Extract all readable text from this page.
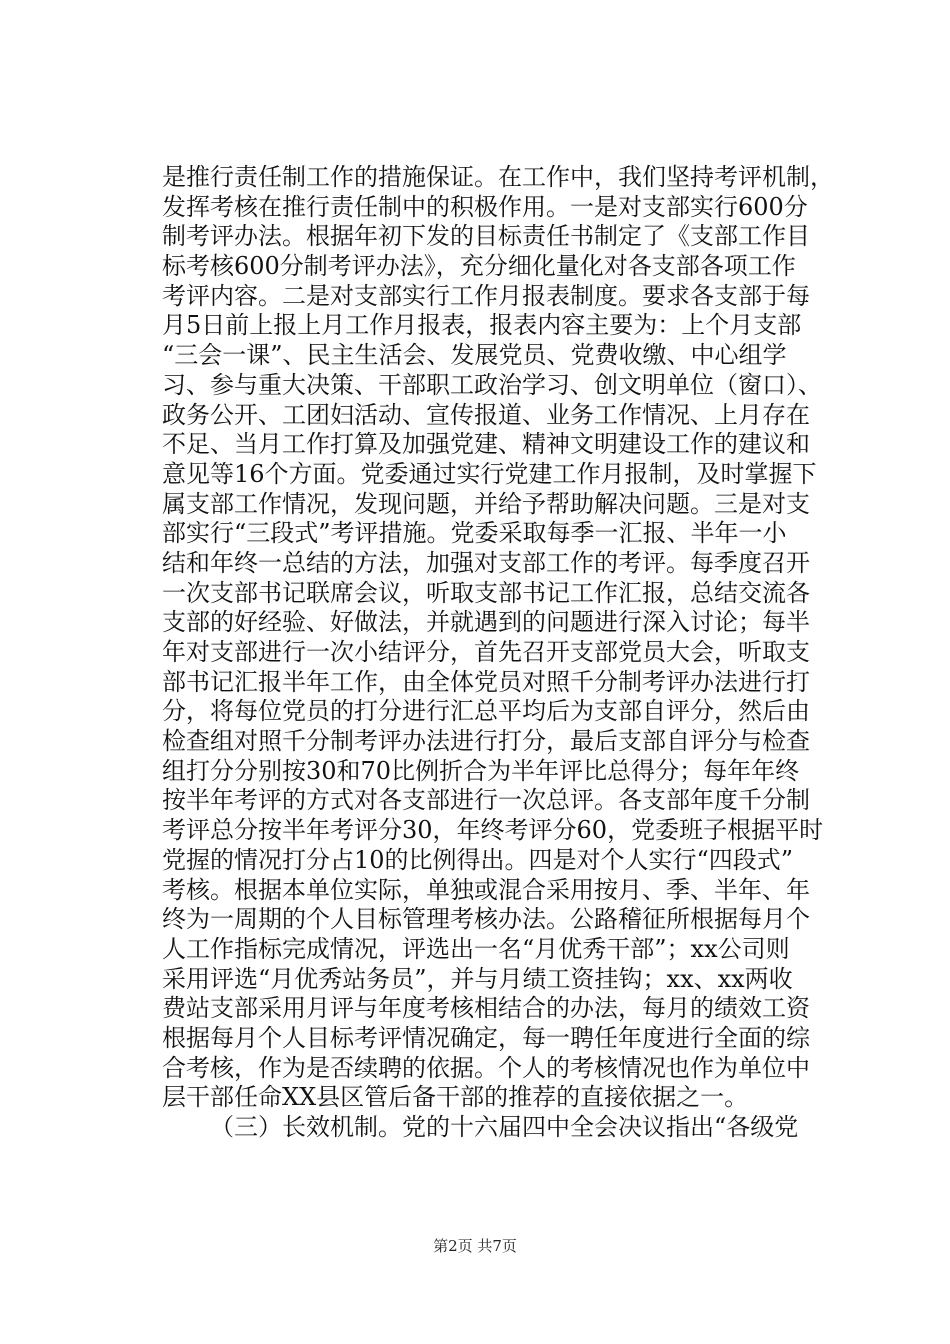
是推行责任制工作的措施保证。在工作中，我们坚持考评机制，
发挥考核在推行责任制中的积极作用。一是对支部实行600分
制考评办法。根据年初下发的目标责任书制定了《支部工作目
标考核600分制考评办法》，充分细化量化对各支部各项工作
考评内容。二是对支部实行工作月报表制度。要求各支部于每
月5日前上报上月工作月报表，报表内容主要为：上个月支部
“三会一课”、民主生活会、发展党员、党费收缴、中心组学
习、参与重大决策、干部职工政治学习、创文明单位（窗口）、
政务公开、工团妇活动、宣传报道、业务工作情况、上月存在
不足、当月工作打算及加强党建、精神文明建设工作的建议和
意见等16个方面。党委通过实行党建工作月报制，及时掌握下
属支部工作情况，发现问题，并给予帮助解决问题。三是对支
部实行“三段式”考评措施。党委采取每季一汇报、半年一小
结和年终一总结的方法，加强对支部工作的考评。每季度召开
一次支部书记联席会议，听取支部书记工作汇报，总结交流各
支部的好经验、好做法，并就遇到的问题进行深入讨论；每半
年对支部进行一次小结评分，首先召开支部党员大会，听取支
部书记汇报半年工作，由全体党员对照千分制考评办法进行打
分，将每位党员的打分进行汇总平均后为支部自评分，然后由
检查组对照千分制考评办法进行打分，最后支部自评分与检查
组打分分别按30和70比例折合为半年评比总得分；每年年终
按半年考评的方式对各支部进行一次总评。各支部年度千分制
考评总分按半年考评分30，年终考评分60，党委班子根据平时
党握的情况打分占10的比例得出。四是对个人实行“四段式”
考核。根据本单位实际，单独或混合采用按月、季、半年、年
终为一周期的个人目标管理考核办法。公路稽征所根据每月个
人工作指标完成情况，评选出一名“月优秀干部”；xx公司则
采用评选“月优秀站务员”，并与月绩工资挂钩；xx、xx两收
费站支部采用月评与年度考核相结合的办法，每月的绩效工资
根据每月个人目标考评情况确定，每一聘任年度进行全面的综
合考核，作为是否续聘的依据。个人的考核情况也作为单位中
层干部任命XX县区管后备干部的推荐的直接依据之一。
（三）长效机制。党的十六届四中全会决议指出“各级党
第2页 共7页
